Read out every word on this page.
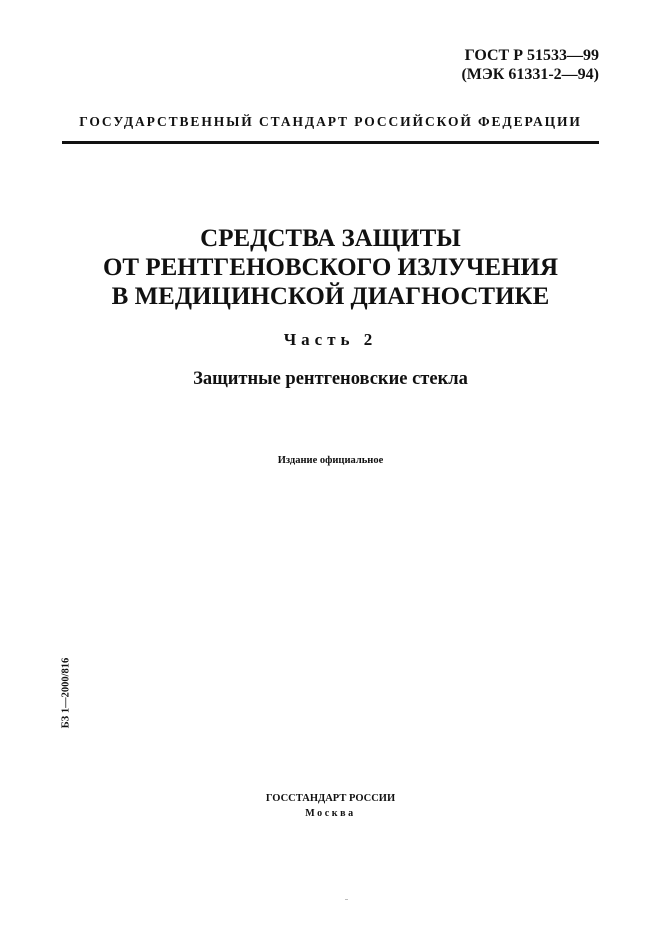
ГОСТ Р 51533—99
(МЭК 61331-2—94)
ГОСУДАРСТВЕННЫЙ СТАНДАРТ РОССИЙСКОЙ ФЕДЕРАЦИИ
СРЕДСТВА ЗАЩИТЫ
ОТ РЕНТГЕНОВСКОГО ИЗЛУЧЕНИЯ
В МЕДИЦИНСКОЙ ДИАГНОСТИКЕ
Часть 2
Защитные рентгеновские стекла
Издание официальное
БЗ 1—2000/816
ГОССТАНДАРТ РОССИИ
Москва
